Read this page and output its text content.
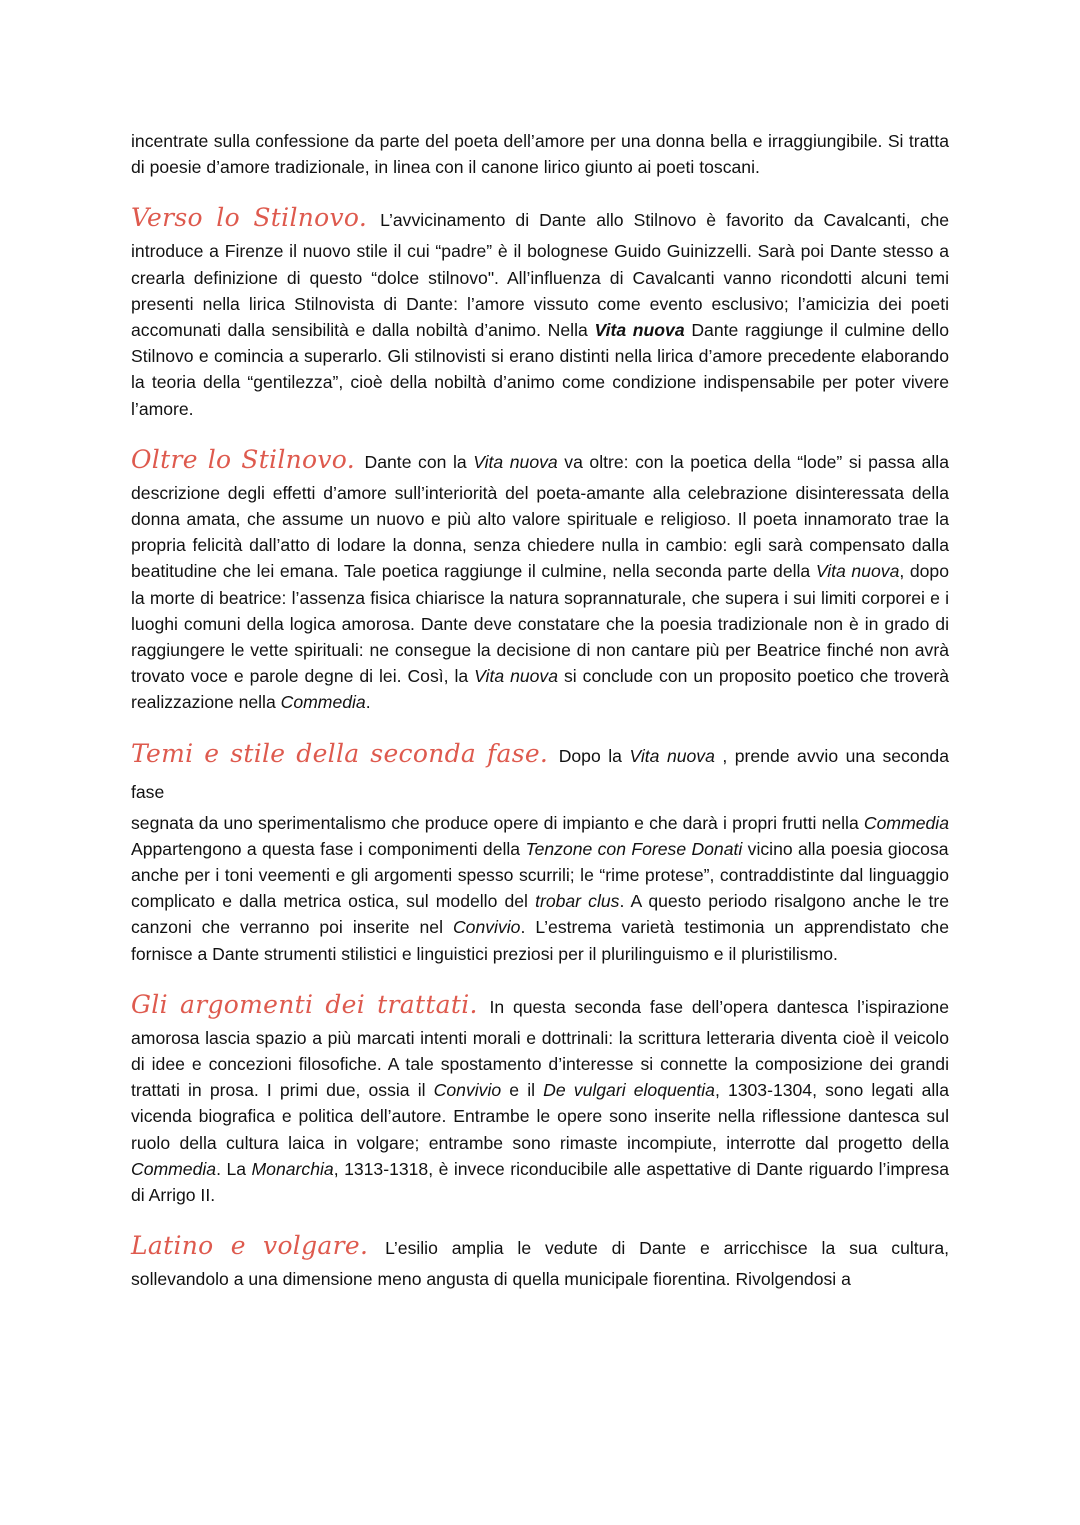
incentrate sulla confessione da parte del poeta dell’amore per una donna bella e irraggiungibile. Si tratta di poesie d’amore tradizionale, in linea con il canone lirico giunto ai poeti toscani.

Verso lo Stilnovo. L’avvicinamento di Dante allo Stilnovo è favorito da Cavalcanti, che

introduce a Firenze il nuovo stile il cui “padre” è il bolognese Guido Guinizzelli. Sarà poi Dante stesso a crearla definizione di questo “dolce stilnovo". All’influenza di Cavalcanti vanno ricondotti alcuni temi presenti nella lirica Stilnovista di Dante: l’amore vissuto come evento esclusivo; l’amicizia dei poeti accomunati dalla sensibilità e dalla nobiltà d’animo. Nella Vita nuova Dante raggiunge il culmine dello Stilnovo e comincia a superarlo. Gli stilnovisti si erano distinti nella lirica d’amore precedente elaborando la teoria della “gentilezza”, cioè della nobiltà d’animo come condizione indispensabile per poter vivere l’amore.

Oltre lo Stilnovo. Dante con la Vita nuova va oltre: con la poetica della “lode” si passa alla

descrizione degli effetti d’amore sull’interiorità del poeta-amante alla celebrazione disinteressata della donna amata, che assume un nuovo e più alto valore spirituale e religioso. Il poeta innamorato trae la propria felicità dall’atto di lodare la donna, senza chiedere nulla in cambio: egli sarà compensato dalla beatitudine che lei emana. Tale poetica raggiunge il culmine, nella seconda parte della Vita nuova, dopo la morte di beatrice: l’assenza fisica chiarisce la natura soprannaturale, che supera i sui limiti corporei e i luoghi comuni della logica amorosa. Dante deve constatare che la poesia tradizionale non è in grado di raggiungere le vette spirituali: ne consegue la decisione di non cantare più per Beatrice finché non avrà trovato voce e parole degne di lei. Così, la Vita nuova si conclude con un proposito poetico che troverà realizzazione nella Commedia.

Temi e stile della seconda fase. Dopo la Vita nuova , prende avvio una seconda fase

segnata da uno sperimentalismo che produce opere di impianto e che darà i propri frutti nella Commedia Appartengono a questa fase i componimenti della Tenzone con Forese Donati vicino alla poesia giocosa anche per i toni veementi e gli argomenti spesso scurrili; le “rime protese”, contraddistinte dal linguaggio complicato e dalla metrica ostica, sul modello del trobar clus. A questo periodo risalgono anche le tre canzoni che verranno poi inserite nel Convivio. L’estrema varietà testimonia un apprendistato che fornisce a Dante strumenti stilistici e linguistici preziosi per il plurilinguismo e il pluristilismo.

Gli argomenti dei trattati. In questa seconda fase dell’opera dantesca l’ispirazione

amorosa lascia spazio a più marcati intenti morali e dottrinali: la scrittura letteraria diventa cioè il veicolo di idee e concezioni filosofiche. A tale spostamento d’interesse si connette la composizione dei grandi trattati in prosa. I primi due, ossia il Convivio e il De vulgari eloquentia, 1303-1304, sono legati alla vicenda biografica e politica dell’autore. Entrambe le opere sono inserite nella riflessione dantesca sul ruolo della cultura laica in volgare; entrambe sono rimaste incompiute, interrotte dal progetto della Commedia. La Monarchia, 1313-1318, è invece riconducibile alle aspettative di Dante riguardo l’impresa di Arrigo II.

Latino e volgare. L’esilio amplia le vedute di Dante e arricchisce la sua cultura,

sollevandolo a una dimensione meno angusta di quella municipale fiorentina. Rivolgendosi a
